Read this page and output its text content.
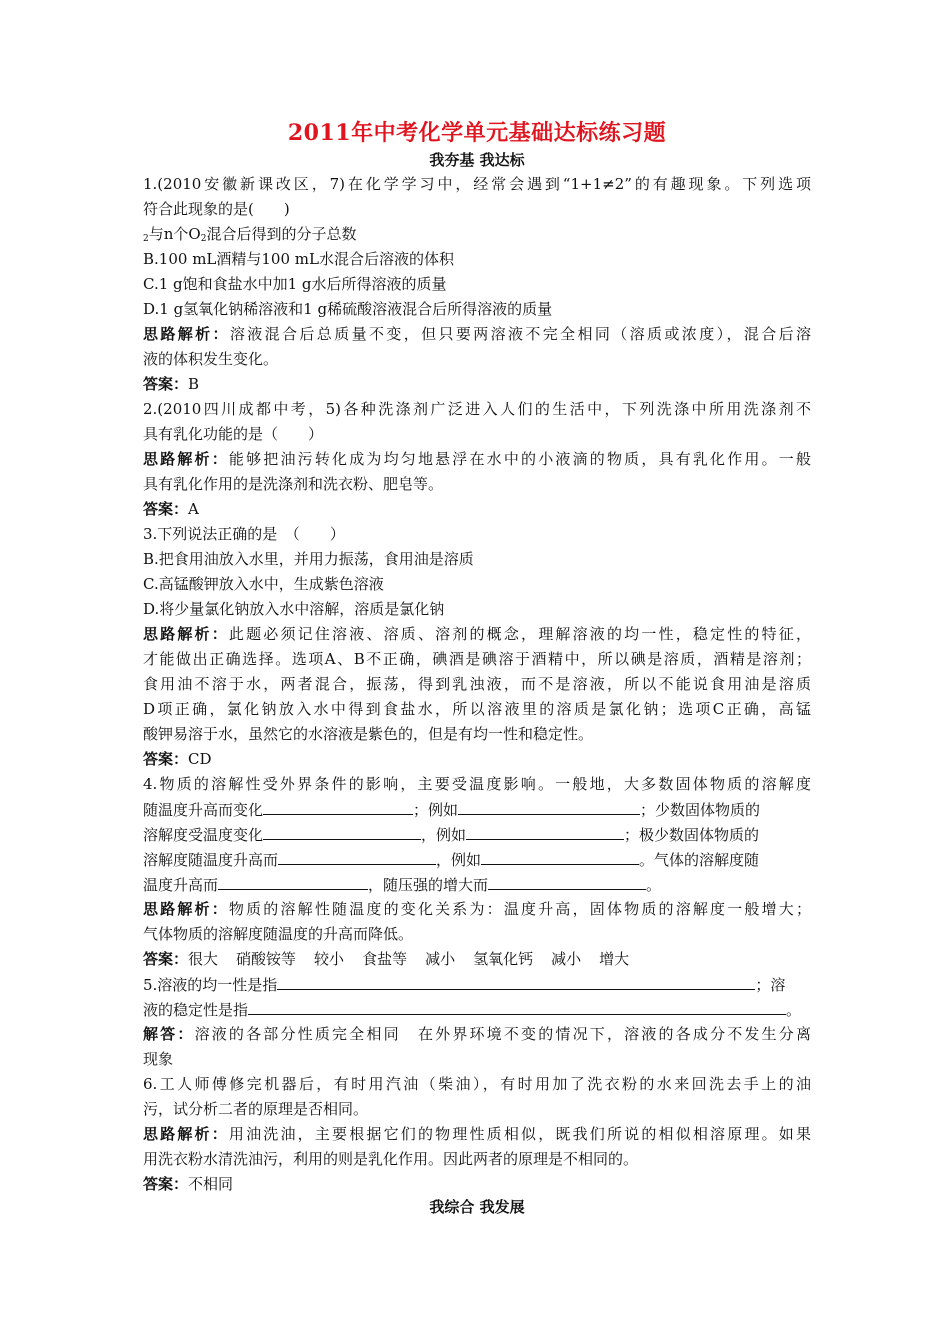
2011年中考化学单元基础达标练习题
我夯基 我达标
1.(2010安徽新课改区，7)在化学学习中，经常会遇到“1+1≠2”的有趣现象。下列选项
符合此现象的是(　　)
$_2$与n个$O_2$混合后得到的分子总数
B.100 mL酒精与100 mL水混合后溶液的体积
C.1 g饱和食盐水中加1 g水后所得溶液的质量
D.1 g氢氧化钠稀溶液和1 g稀硫酸溶液混合后所得溶液的质量
思路解析：溶液混合后总质量不变，但只要两溶液不完全相同（溶质或浓度），混合后溶
液的体积发生变化。
答案：B
2.(2010四川成都中考，5)各种洗涤剂广泛进入人们的生活中，下列洗涤中所用洗涤剂不
具有乳化功能的是（　　）
思路解析：能够把油污转化成为均匀地悬浮在水中的小液滴的物质，具有乳化作用。一般
具有乳化作用的是洗涤剂和洗衣粉、肥皂等。
答案：A
3.下列说法正确的是　（　　）
B.把食用油放入水里，并用力振荡，食用油是溶质
C.高锰酸钾放入水中，生成紫色溶液
D.将少量氯化钠放入水中溶解，溶质是氯化钠
思路解析：此题必须记住溶液、溶质、溶剂的概念，理解溶液的均一性，稳定性的特征，
才能做出正确选择。选项A、B不正确，碘酒是碘溶于酒精中，所以碘是溶质，酒精是溶剂；
食用油不溶于水，两者混合，振荡，得到乳浊液，而不是溶液，所以不能说食用油是溶质
D项正确，氯化钠放入水中得到食盐水，所以溶液里的溶质是氯化钠；选项C正确，高锰
酸钾易溶于水，虽然它的水溶液是紫色的，但是有均一性和稳定性。
答案：CD
4.物质的溶解性受外界条件的影响，主要受温度影响。一般地，大多数固体物质的溶解度
随温度升高而变化	；例如	；少数固体物质的
溶解度受温度变化	，例如	；极少数固体物质的
溶解度随温度升高而	，例如	。气体的溶解度随
温度升高而	，随压强的增大而	。
思路解析：物质的溶解性随温度的变化关系为：温度升高，固体物质的溶解度一般增大；
气体物质的溶解度随温度的升高而降低。
答案：很大 硝酸铵等 较小 食盐等 减小 氢氧化钙 减小 增大
5.溶液的均一性是指	；溶
液的稳定性是指	。
解答：溶液的各部分性质完全相同　在外界环境不变的情况下，溶液的各成分不发生分离
现象
6.工人师傅修完机器后，有时用汽油（柴油），有时用加了洗衣粉的水来回洗去手上的油
污，试分析二者的原理是否相同。
思路解析：用油洗油，主要根据它们的物理性质相似，既我们所说的相似相溶原理。如果
用洗衣粉水清洗油污，利用的则是乳化作用。因此两者的原理是不相同的。
答案：不相同
我综合 我发展
